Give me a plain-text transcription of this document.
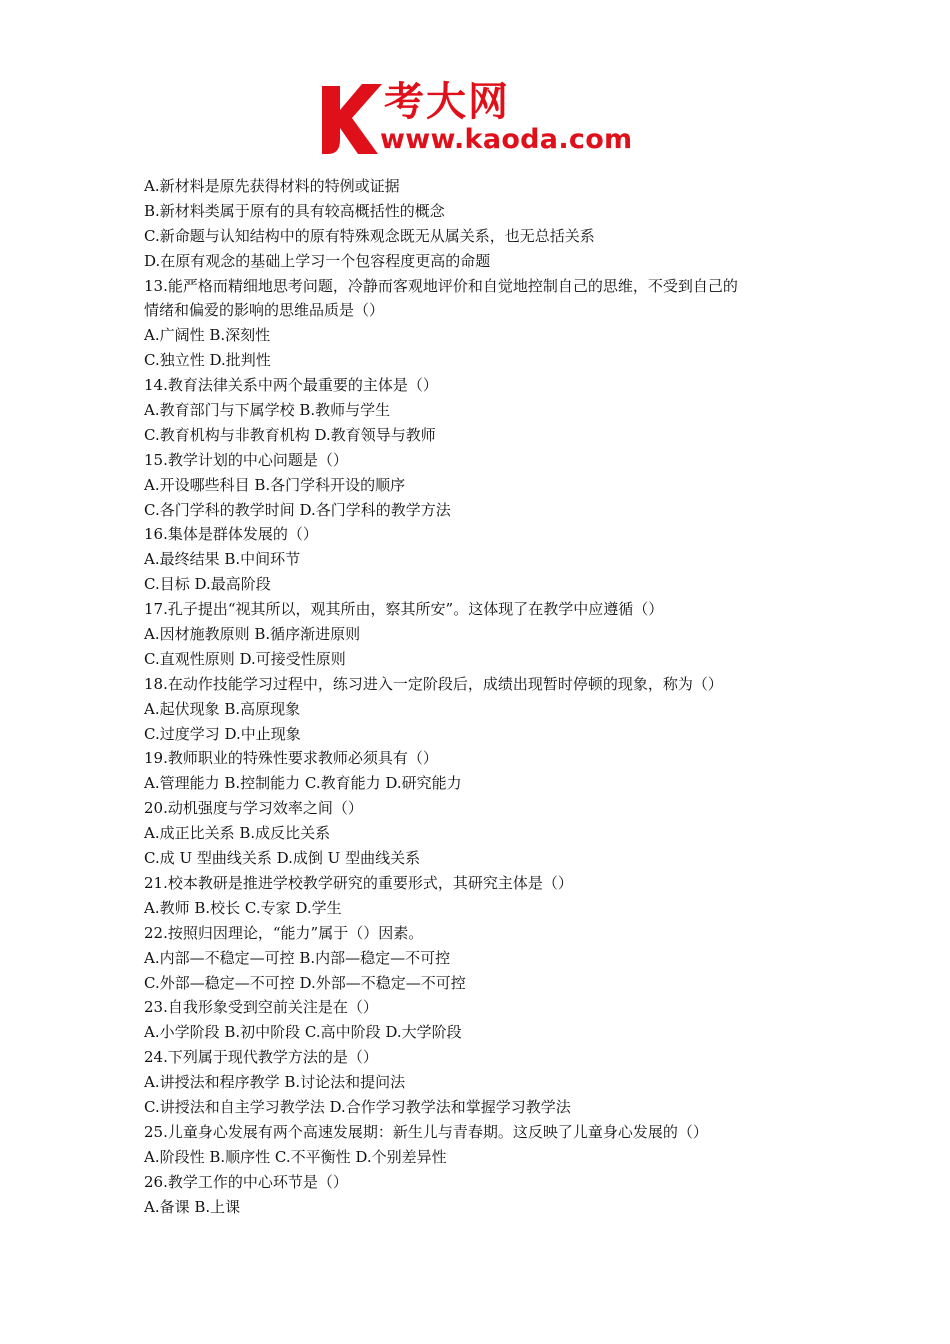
考大网
www.kaoda.com
A.新材料是原先获得材料的特例或证据
B.新材料类属于原有的具有较高概括性的概念
C.新命题与认知结构中的原有特殊观念既无从属关系，也无总括关系
D.在原有观念的基础上学习一个包容程度更高的命题
13.能严格而精细地思考问题，冷静而客观地评价和自觉地控制自己的思维，不受到自己的
情绪和偏爱的影响的思维品质是（）
A.广阔性 B.深刻性
C.独立性 D.批判性
14.教育法律关系中两个最重要的主体是（）
A.教育部门与下属学校 B.教师与学生
C.教育机构与非教育机构 D.教育领导与教师
15.教学计划的中心问题是（）
A.开设哪些科目 B.各门学科开设的顺序
C.各门学科的教学时间 D.各门学科的教学方法
16.集体是群体发展的（）
A.最终结果 B.中间环节
C.目标 D.最高阶段
17.孔子提出“视其所以，观其所由，察其所安”。这体现了在教学中应遵循（）
A.因材施教原则 B.循序渐进原则
C.直观性原则 D.可接受性原则
18.在动作技能学习过程中，练习进入一定阶段后，成绩出现暂时停顿的现象，称为（）
A.起伏现象 B.高原现象
C.过度学习 D.中止现象
19.教师职业的特殊性要求教师必须具有（）
A.管理能力 B.控制能力 C.教育能力 D.研究能力
20.动机强度与学习效率之间（）
A.成正比关系 B.成反比关系
C.成 U 型曲线关系 D.成倒 U 型曲线关系
21.校本教研是推进学校教学研究的重要形式，其研究主体是（）
A.教师 B.校长 C.专家 D.学生
22.按照归因理论，“能力”属于（）因素。
A.内部—不稳定—可控 B.内部—稳定—不可控
C.外部—稳定—不可控 D.外部—不稳定—不可控
23.自我形象受到空前关注是在（）
A.小学阶段 B.初中阶段 C.高中阶段 D.大学阶段
24.下列属于现代教学方法的是（）
A.讲授法和程序教学 B.讨论法和提问法
C.讲授法和自主学习教学法 D.合作学习教学法和掌握学习教学法
25.儿童身心发展有两个高速发展期：新生儿与青春期。这反映了儿童身心发展的（）
A.阶段性 B.顺序性 C.不平衡性 D.个别差异性
26.教学工作的中心环节是（）
A.备课 B.上课
